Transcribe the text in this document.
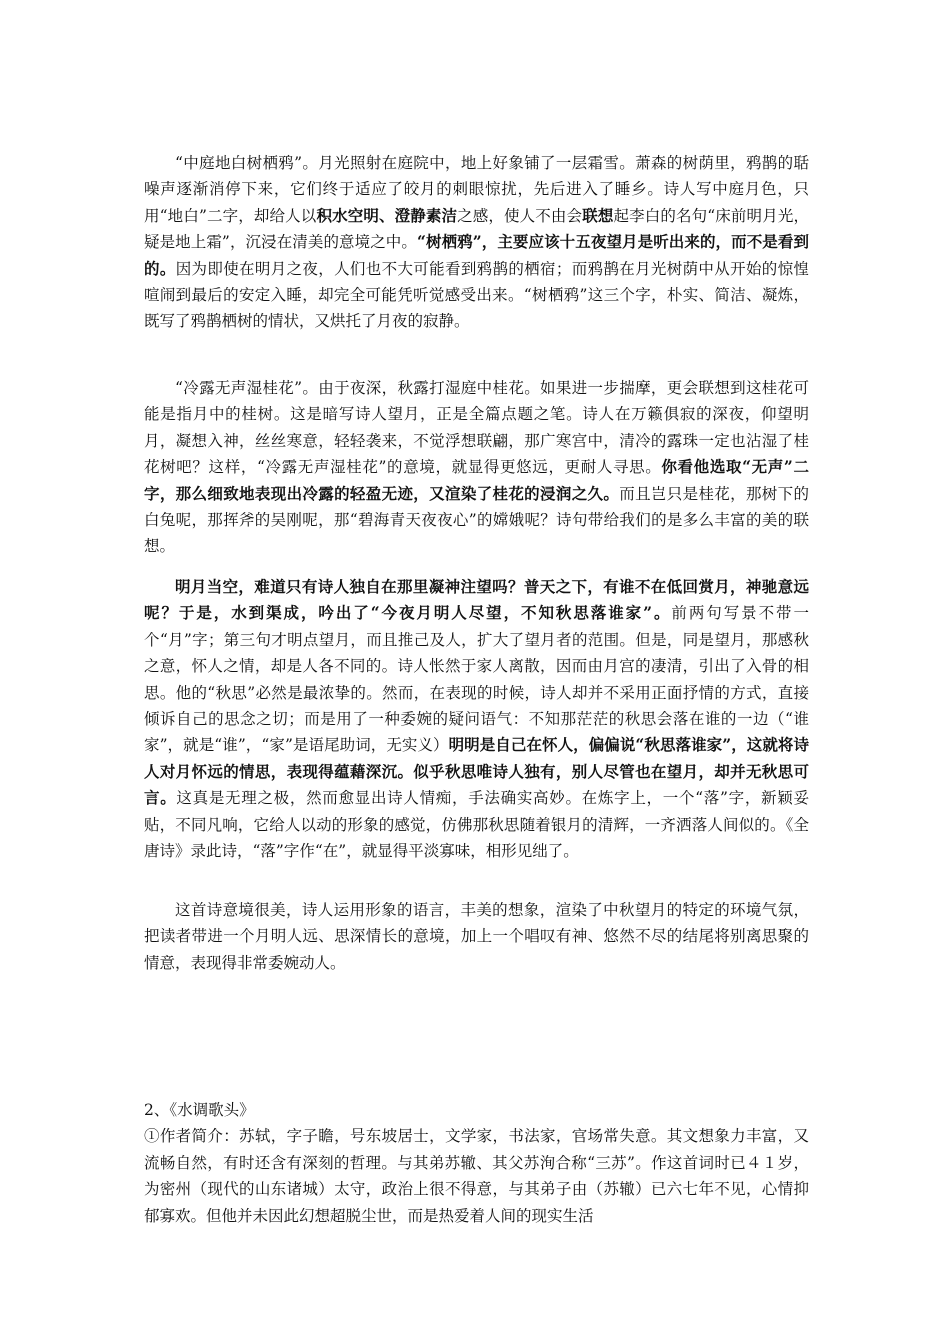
“中庭地白树栖鸦”。月光照射在庭院中，地上好象铺了一层霜雪。萧森的树荫里，鸦鹊的聒噪声逐渐消停下来，它们终于适应了皎月的刺眼惊扰，先后进入了睡乡。诗人写中庭月色，只用“地白”二字，却给人以积水空明、澄静素洁之感，使人不由会联想起李白的名句“床前明月光，疑是地上霜”，沉浸在清美的意境之中。“树栖鸦”，主要应该十五夜望月是听出来的，而不是看到的。因为即使在明月之夜，人们也不大可能看到鸦鹊的栖宿；而鸦鹊在月光树荫中从开始的惊惶喧闹到最后的安定入睡，却完全可能凭听觉感受出来。“树栖鸦”这三个字，朴实、简洁、凝炼，既写了鸦鹊栖树的情状，又烘托了月夜的寂静。

“冷露无声湿桂花”。由于夜深，秋露打湿庭中桂花。如果进一步揣摩，更会联想到这桂花可能是指月中的桂树。这是暗写诗人望月，正是全篇点题之笔。诗人在万籁俱寂的深夜，仰望明月，凝想入神，丝丝寒意，轻轻袭来，不觉浮想联翩，那广寒宫中，清冷的露珠一定也沾湿了桂花树吧？这样，“冷露无声湿桂花”的意境，就显得更悠远，更耐人寻思。你看他选取“无声”二字，那么细致地表现出冷露的轻盈无迹，又渲染了桂花的浸润之久。而且岂只是桂花，那树下的白兔呢，那挥斧的吴刚呢，那“碧海青天夜夜心”的嫦娥呢？诗句带给我们的是多么丰富的美的联想。

明月当空，难道只有诗人独自在那里凝神注望吗？普天之下，有谁不在低回赏月，神驰意远呢？于是，水到渠成，吟出了“今夜月明人尽望，不知秋思落谁家”。前两句写景不带一个“月”字；第三句才明点望月，而且推己及人，扩大了望月者的范围。但是，同是望月，那感秋之意，怀人之情，却是人各不同的。诗人怅然于家人离散，因而由月宫的凄清，引出了入骨的相思。他的“秋思”必然是最浓挚的。然而，在表现的时候，诗人却并不采用正面抒情的方式，直接倾诉自己的思念之切；而是用了一种委婉的疑问语气：不知那茫茫的秋思会落在谁的一边（“谁家”，就是“谁”，“家”是语尾助词，无实义）明明是自己在怀人，偏偏说“秋思落谁家”，这就将诗人对月怀远的情思，表现得蕴藉深沉。似乎秋思唯诗人独有，别人尽管也在望月，却并无秋思可言。这真是无理之极，然而愈显出诗人情痴，手法确实高妙。在炼字上，一个“落”字，新颖妥贴，不同凡响，它给人以动的形象的感觉，仿佛那秋思随着银月的清辉，一齐洒落人间似的。《全唐诗》录此诗，“落”字作“在”，就显得平淡寡味，相形见绌了。

这首诗意境很美，诗人运用形象的语言，丰美的想象，渲染了中秋望月的特定的环境气氛，把读者带进一个月明人远、思深情长的意境，加上一个唱叹有神、悠然不尽的结尾将别离思聚的情意，表现得非常委婉动人。

2、《水调歌头》
①作者简介：苏轼，字子瞻，号东坡居士，文学家，书法家，官场常失意。其文想象力丰富，又流畅自然，有时还含有深刻的哲理。与其弟苏辙、其父苏洵合称“三苏”。作这首词时已４１岁，为密州（现代的山东诸城）太守，政治上很不得意，与其弟子由（苏辙）已六七年不见，心情抑郁寡欢。但他并未因此幻想超脱尘世，而是热爱着人间的现实生活
